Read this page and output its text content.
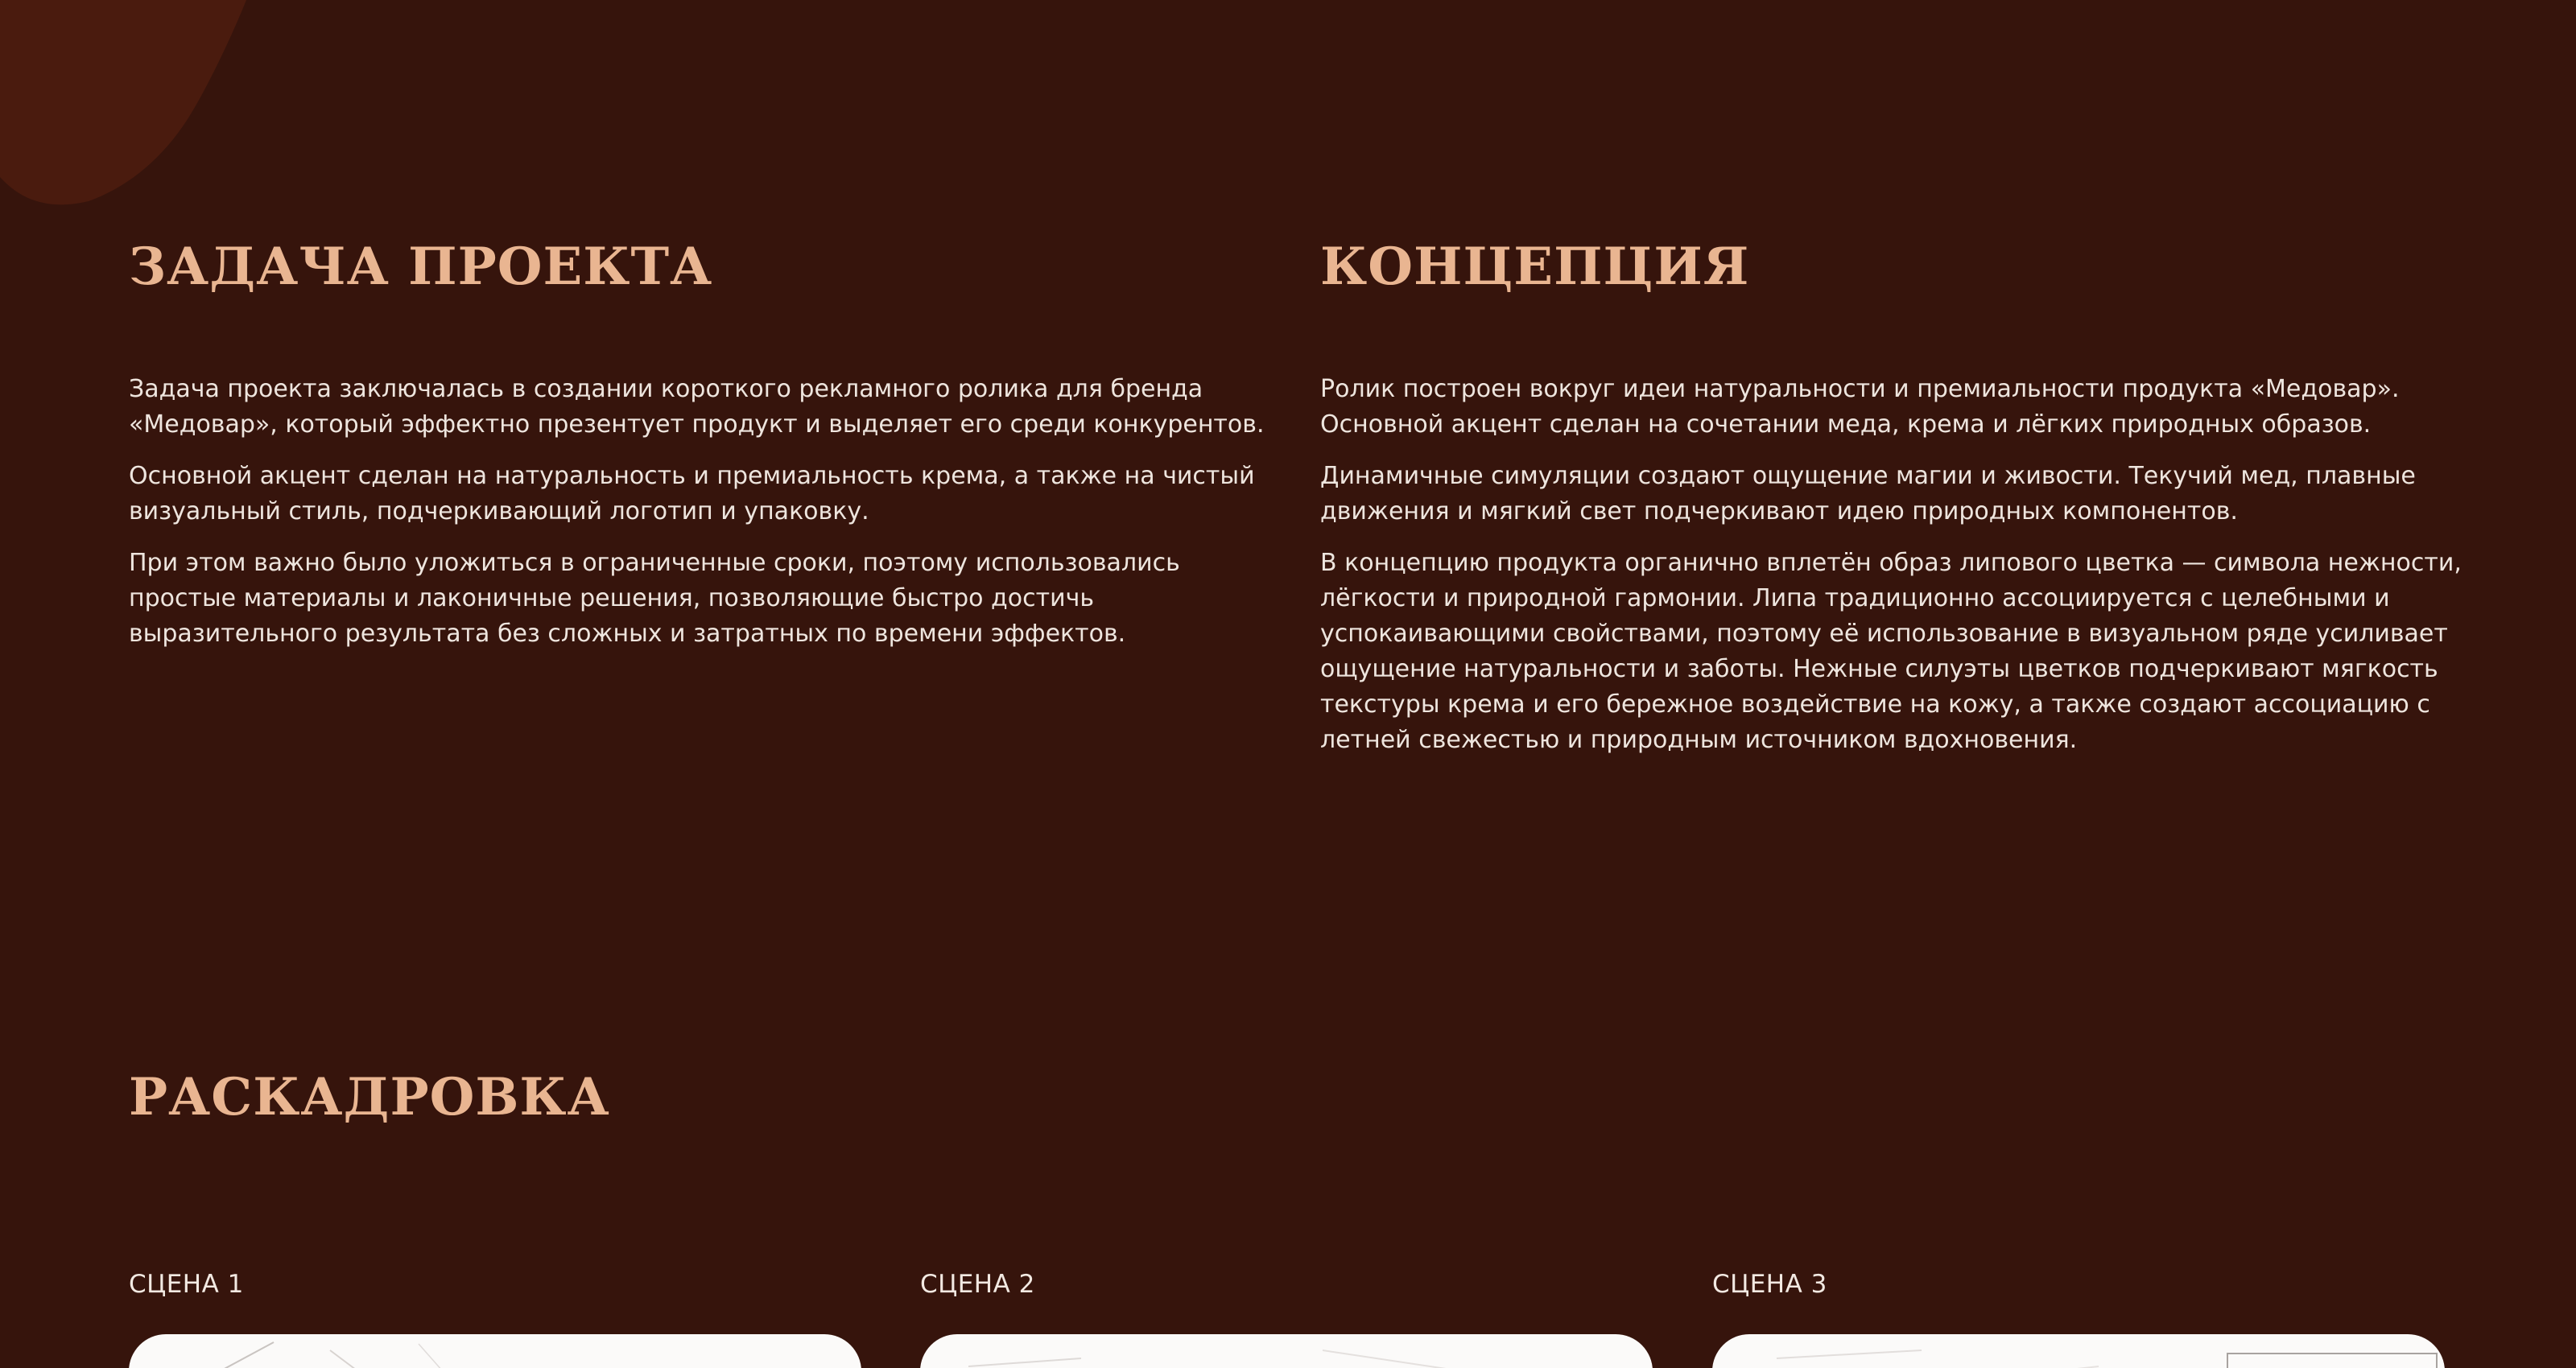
ЗАДАЧА ПРОЕКТА

Задача проекта заключалась в создании короткого рекламного ролика для бренда «Медовар», который эффектно презентует продукт и выделяет его среди конкурентов.

Основной акцент сделан на натуральность и премиальность крема, а также на чистый визуальный стиль, подчеркивающий логотип и упаковку.

При этом важно было уложиться в ограниченные сроки, поэтому использовались простые материалы и лаконичные решения, позволяющие быстро достичь выразительного результата без сложных и затратных по времени эффектов.

КОНЦЕПЦИЯ

Ролик построен вокруг идеи натуральности и премиальности продукта «Медовар». Основной акцент сделан на сочетании меда, крема и лёгких природных образов.

Динамичные симуляции создают ощущение магии и живости. Текучий мед, плавные движения и мягкий свет подчеркивают идею природных компонентов.

В концепцию продукта органично вплетён образ липового цветка — символа нежности, лёгкости и природной гармонии. Липа традиционно ассоциируется с целебными и успокаивающими свойствами, поэтому её использование в визуальном ряде усиливает ощущение натуральности и заботы. Нежные силуэты цветков подчеркивают мягкость текстуры крема и его бережное воздействие на кожу, а также создают ассоциацию с летней свежестью и природным источником вдохновения.

РАСКАДРОВКА

СЦЕНА 1	СЦЕНА 2	СЦЕНА 3
